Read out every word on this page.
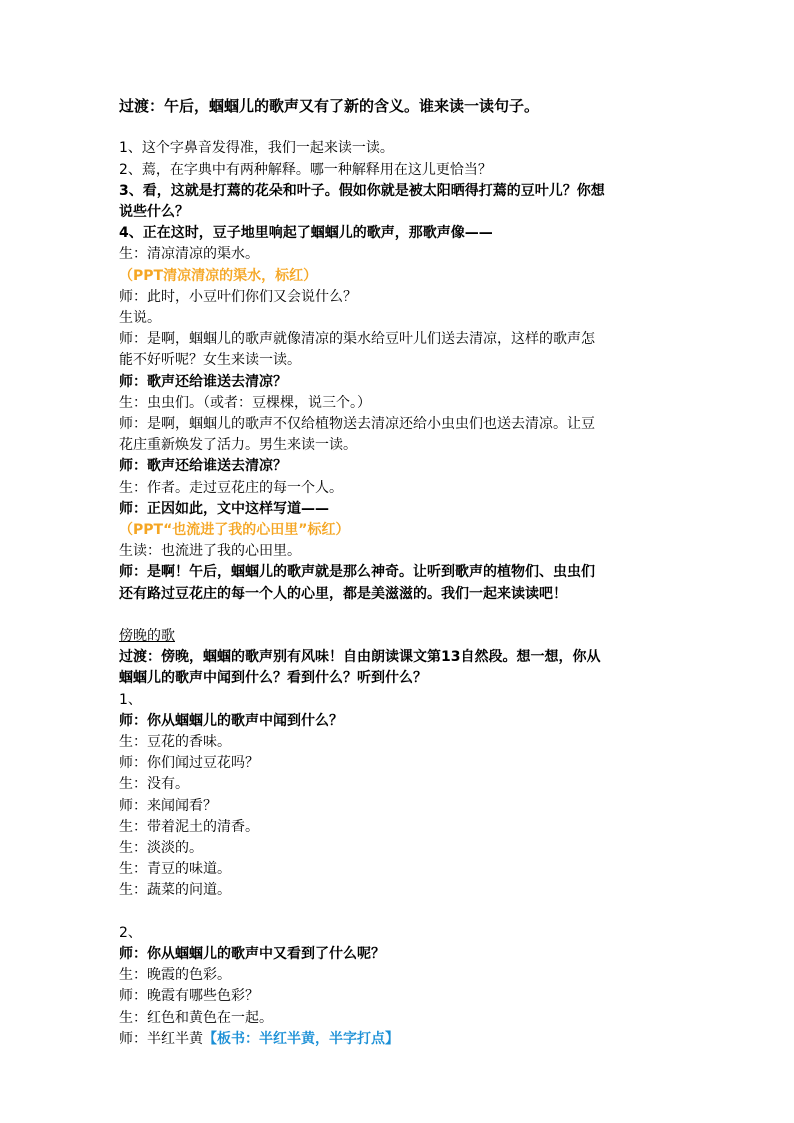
过渡：午后，蝈蝈儿的歌声又有了新的含义。谁来读一读句子。
1、这个字鼻音发得准，我们一起来读一读。
2、蔫，在字典中有两种解释。哪一种解释用在这儿更恰当？
3、看，这就是打蔫的花朵和叶子。假如你就是被太阳晒得打蔫的豆叶儿？你想
说些什么？
4、正在这时，豆子地里响起了蝈蝈儿的歌声，那歌声像——
生：清凉清凉的渠水。
（PPT清凉清凉的渠水，标红）
师：此时，小豆叶们你们又会说什么？
生说。
师：是啊，蝈蝈儿的歌声就像清凉的渠水给豆叶儿们送去清凉，这样的歌声怎
能不好听呢？女生来读一读。
师：歌声还给谁送去清凉？
生：虫虫们。（或者：豆棵棵，说三个。）
师：是啊，蝈蝈儿的歌声不仅给植物送去清凉还给小虫虫们也送去清凉。让豆
花庄重新焕发了活力。男生来读一读。
师：歌声还给谁送去清凉？
生：作者。走过豆花庄的每一个人。
师：正因如此，文中这样写道——
（PPT“也流进了我的心田里”标红）
生读：也流进了我的心田里。
师：是啊！午后，蝈蝈儿的歌声就是那么神奇。让听到歌声的植物们、虫虫们
还有路过豆花庄的每一个人的心里，都是美滋滋的。我们一起来读读吧！
傍晚的歌
过渡：傍晚，蝈蝈的歌声别有风味！自由朗读课文第13自然段。想一想，你从
蝈蝈儿的歌声中闻到什么？看到什么？听到什么？
1、
师：你从蝈蝈儿的歌声中闻到什么？
生：豆花的香味。
师：你们闻过豆花吗？
生：没有。
师：来闻闻看？
生：带着泥土的清香。
生：淡淡的。
生：青豆的味道。
生：蔬菜的问道。
2、
师：你从蝈蝈儿的歌声中又看到了什么呢？
生：晚霞的色彩。
师：晚霞有哪些色彩？
生：红色和黄色在一起。
师：半红半黄【板书：半红半黄，半字打点】
